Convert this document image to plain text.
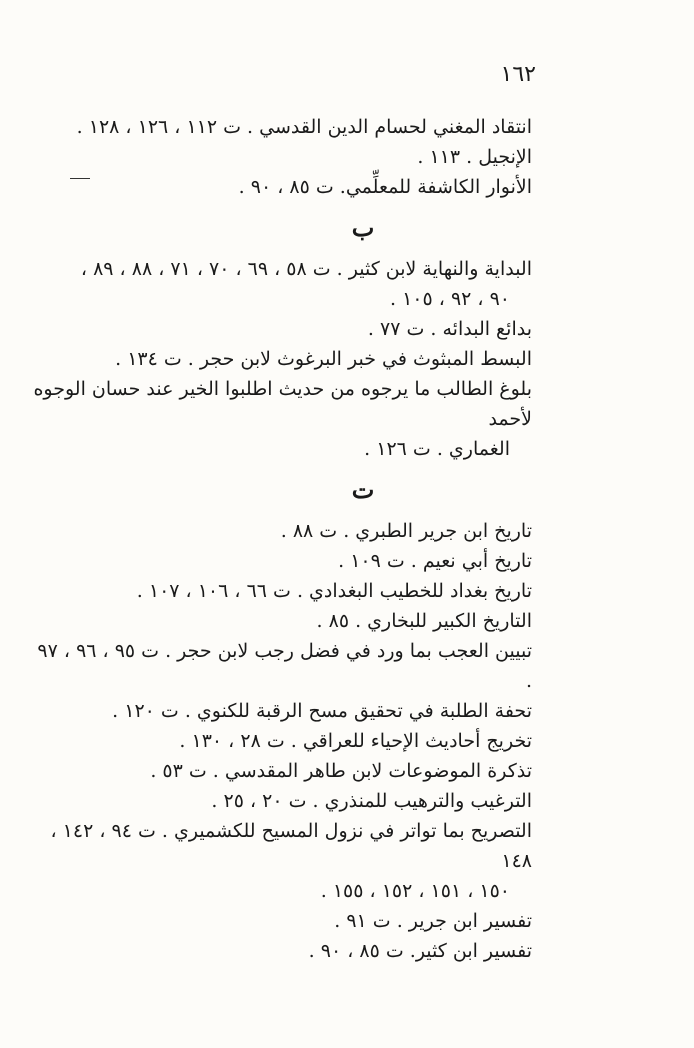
١٦٢
انتقاد المغني لحسام الدين القدسي . ت ١١٢ ، ١٢٦ ، ١٢٨ .
الإنجيل . ١١٣ .
الأنوار الكاشفة للمعلِّمي. ت ٨٥ ، ٩٠ .
ب
البداية والنهاية لابن كثير . ت ٥٨ ، ٦٩ ، ٧٠ ، ٧١ ، ٨٨ ، ٨٩ ،
٩٠ ، ٩٢ ، ١٠٥ .
بدائع البدائه . ت ٧٧ .
البسط المبثوث في خبر البرغوث لابن حجر . ت ١٣٤ .
بلوغ الطالب ما يرجوه من حديث اطلبوا الخير عند حسان الوجوه لأحمد
الغماري . ت ١٢٦ .
ت
تاريخ ابن جرير الطبري . ت ٨٨ .
تاريخ أبي نعيم . ت ١٠٩ .
تاريخ بغداد للخطيب البغدادي . ت ٦٦ ، ١٠٦ ، ١٠٧ .
التاريخ الكبير للبخاري . ٨٥ .
تبيين العجب بما ورد في فضل رجب لابن حجر . ت ٩٥ ، ٩٦ ، ٩٧ .
تحفة الطلبة في تحقيق مسح الرقبة للكنوي . ت ١٢٠ .
تخريج أحاديث الإحياء للعراقي . ت ٢٨ ، ١٣٠ .
تذكرة الموضوعات لابن طاهر المقدسي . ت ٥٣ .
الترغيب والترهيب للمنذري . ت ٢٠ ، ٢٥ .
التصريح بما تواتر في نزول المسيح للكشميري . ت ٩٤ ، ١٤٢ ، ١٤٨
١٥٠ ، ١٥١ ، ١٥٢ ، ١٥٥ .
تفسير ابن جرير . ت ٩١ .
تفسير ابن كثير. ت ٨٥ ، ٩٠ .
